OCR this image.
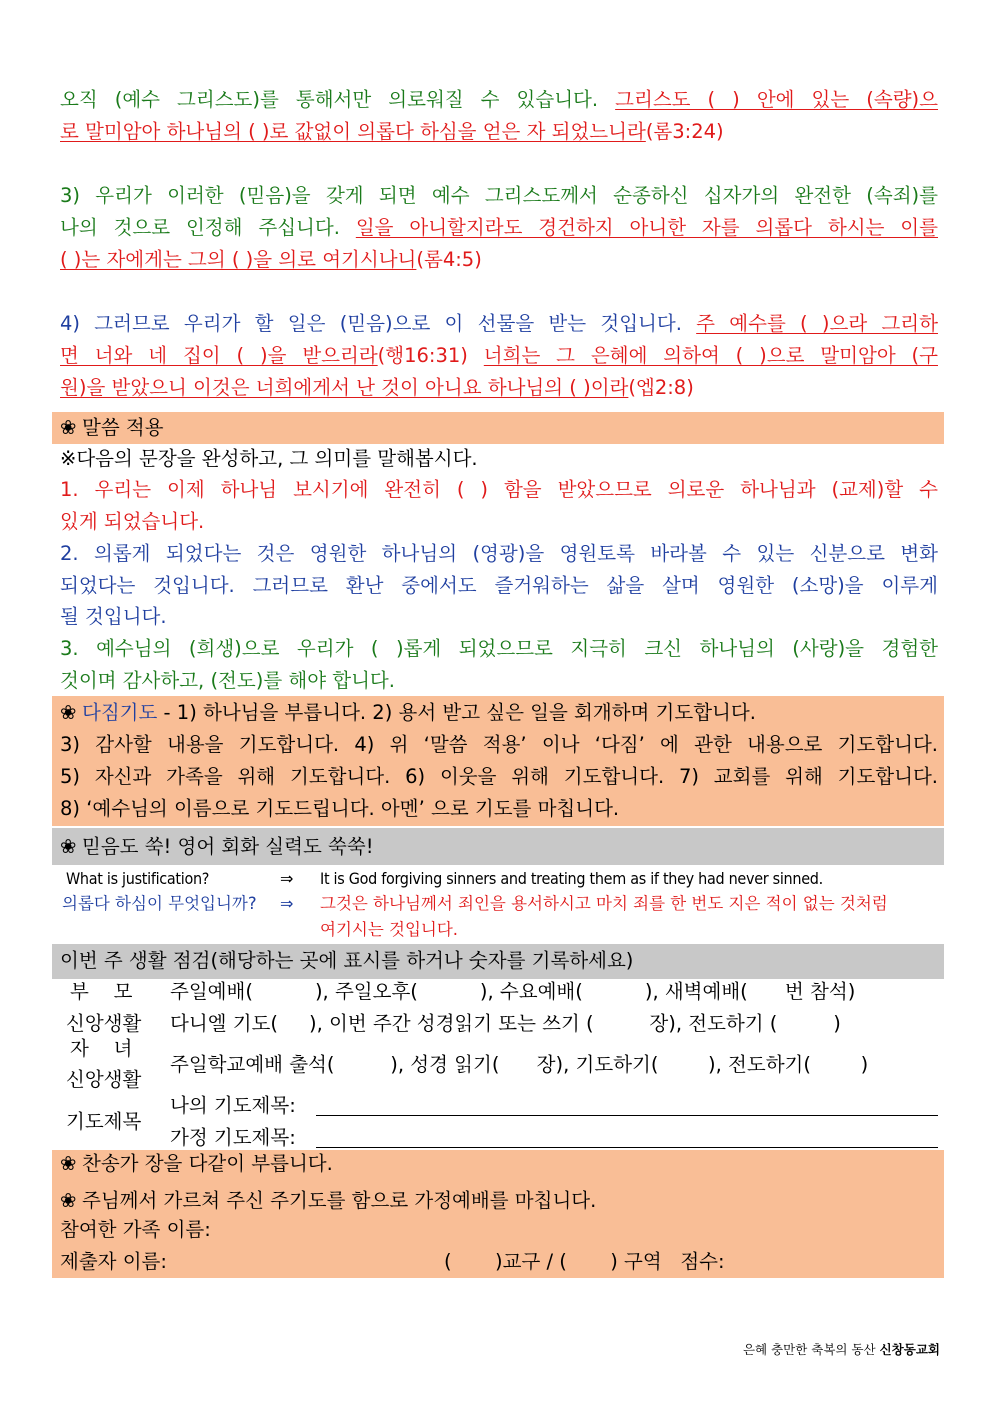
오직 (예수 그리스도)를 통해서만 의로워질 수 있습니다. 그리스도 ( ) 안에 있는 (속량)으
로 말미암아 하나님의 ( )로 값없이 의롭다 하심을 얻은 자 되었느니라(롬3:24)
3) 우리가 이러한 (믿음)을 갖게 되면 예수 그리스도께서 순종하신 십자가의 완전한 (속죄)를
나의 것으로 인정해 주십니다. 일을 아니할지라도 경건하지 아니한 자를 의롭다 하시는 이를
( )는 자에게는 그의 ( )을 의로 여기시나니(롬4:5)
4) 그러므로 우리가 할 일은 (믿음)으로 이 선물을 받는 것입니다. 주 예수를 ( )으라 그리하
면 너와 네 집이 ( )을 받으리라(행16:31) 너희는 그 은혜에 의하여 ( )으로 말미암아 (구
원)을 받았으니 이것은 너희에게서 난 것이 아니요 하나님의 ( )이라(엡2:8)
❀ 말씀 적용
※다음의 문장을 완성하고, 그 의미를 말해봅시다.
1. 우리는 이제 하나님 보시기에 완전히 ( ) 함을 받았으므로 의로운 하나님과 (교제)할 수
있게 되었습니다.
2. 의롭게 되었다는 것은 영원한 하나님의 (영광)을 영원토록 바라볼 수 있는 신분으로 변화
되었다는 것입니다. 그러므로 환난 중에서도 즐거워하는 삶을 살며 영원한 (소망)을 이루게
될 것입니다.
3. 예수님의 (희생)으로 우리가 ( )롭게 되었으므로 지극히 크신 하나님의 (사랑)을 경험한
것이며 감사하고, (전도)를 해야 합니다.
❀ 다짐기도 - 1) 하나님을 부릅니다. 2) 용서 받고 싶은 일을 회개하며 기도합니다.
3) 감사할 내용을 기도합니다. 4) 위 ‘말씀 적용’ 이나 ‘다짐’ 에 관한 내용으로 기도합니다.
5) 자신과 가족을 위해 기도합니다. 6) 이웃을 위해 기도합니다. 7) 교회를 위해 기도합니다.
8) ‘예수님의 이름으로 기도드립니다. 아멘’ 으로 기도를 마칩니다.
❀ 믿음도 쑥! 영어 회화 실력도 쑥쑥!
What is justification?	⇒ It is God forgiving sinners and treating them as if they had never sinned.
의롭다 하심이 무엇입니까? ⇒ 그것은 하나님께서 죄인을 용서하시고 마치 죄를 한 번도 지은 적이 없는 것처럼
여기시는 것입니다.
이번 주 생활 점검(해당하는 곳에 표시를 하거나 숫자를 기록하세요)
부    모 주일예배(          ), 주일오후(          ), 수요예배(          ), 새벽예배(      번 참석)
신앙생활 다니엘 기도(     ), 이번 주간 성경읽기 또는 쓰기 (         장), 전도하기 (         )
자    녀
신앙생활
주일학교예배 출석(         ), 성경 읽기(      장), 기도하기(        ), 전도하기(        )
기도제목
나의 기도제목:
가정 기도제목:
❀ 찬송가 장을 다같이 부릅니다.
❀ 주님께서 가르쳐 주신 주기도를 함으로 가정예배를 마칩니다.
참여한 가족 이름:
제출자 이름:	(       )교구 / (       ) 구역   점수:
은혜 충만한 축복의 동산 신창동교회
